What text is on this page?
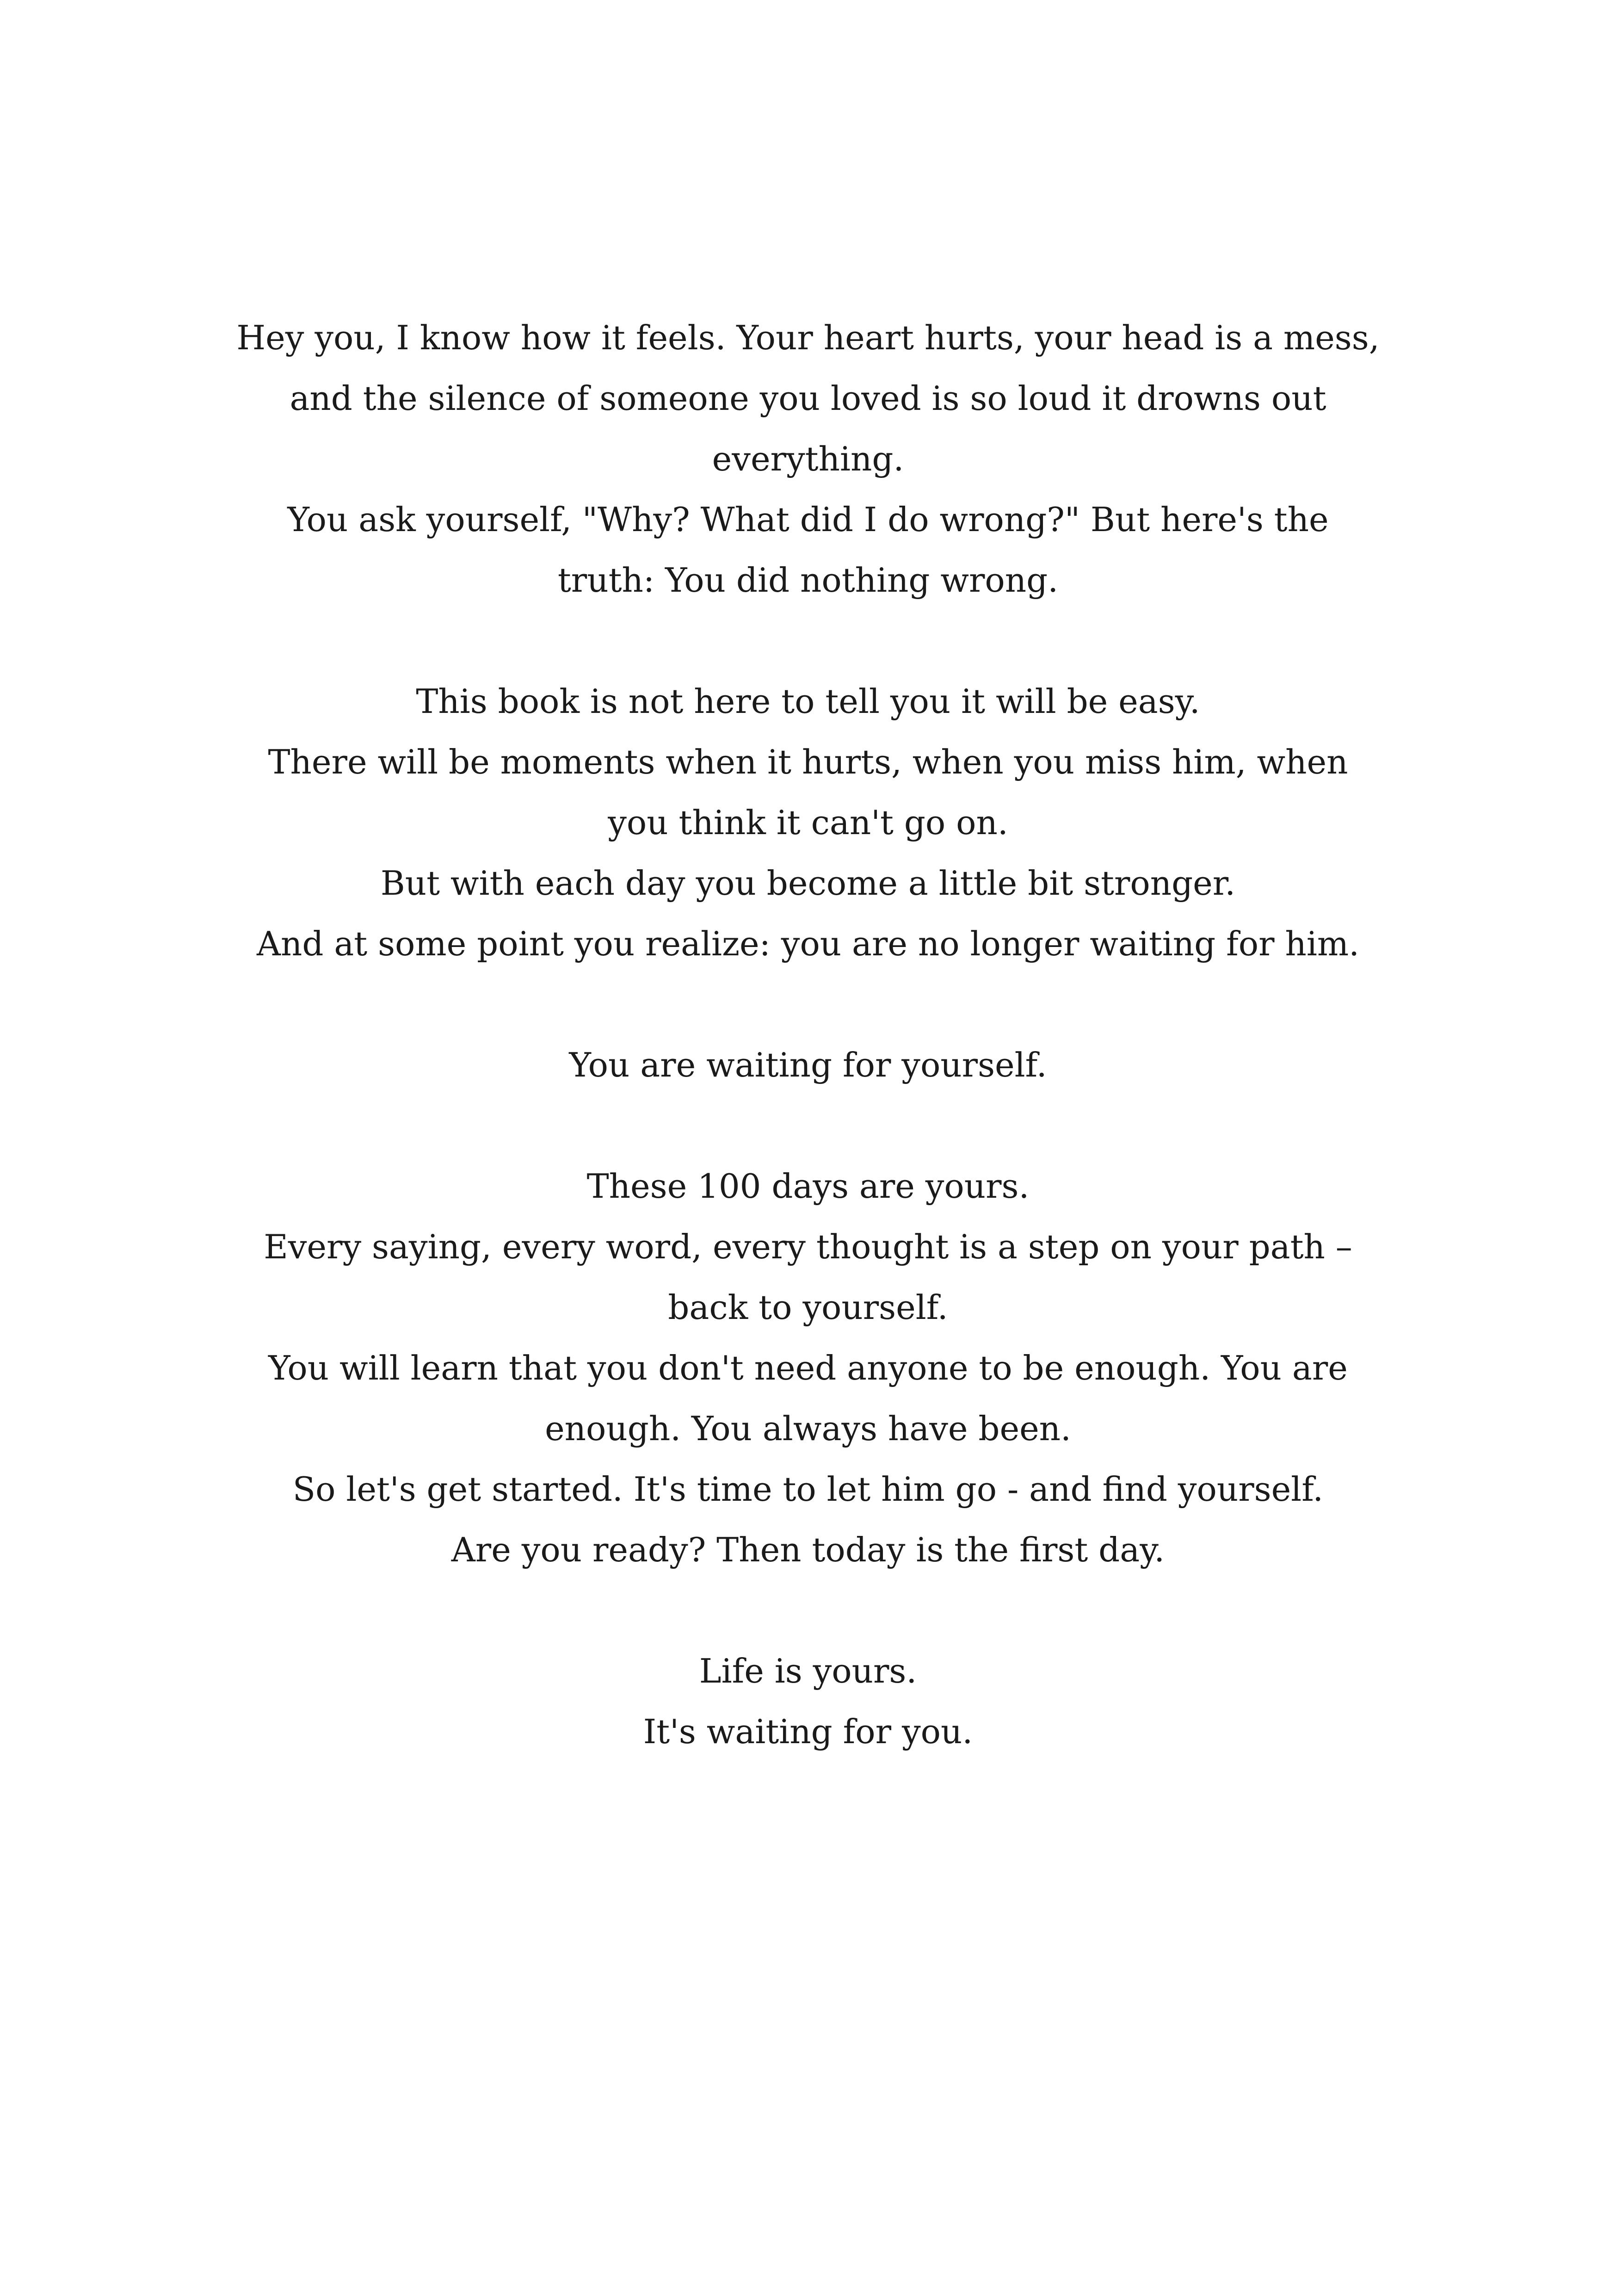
Hey you, I know how it feels. Your heart hurts, your head is a mess,
and the silence of someone you loved is so loud it drowns out
everything.
You ask yourself, "Why? What did I do wrong?" But here's the
truth: You did nothing wrong.
This book is not here to tell you it will be easy.
There will be moments when it hurts, when you miss him, when
you think it can't go on.
But with each day you become a little bit stronger.
And at some point you realize: you are no longer waiting for him.
You are waiting for yourself.
These 100 days are yours.
Every saying, every word, every thought is a step on your path –
back to yourself.
You will learn that you don't need anyone to be enough. You are
enough. You always have been.
So let's get started. It's time to let him go - and find yourself.
Are you ready? Then today is the first day.
Life is yours.
It's waiting for you.
